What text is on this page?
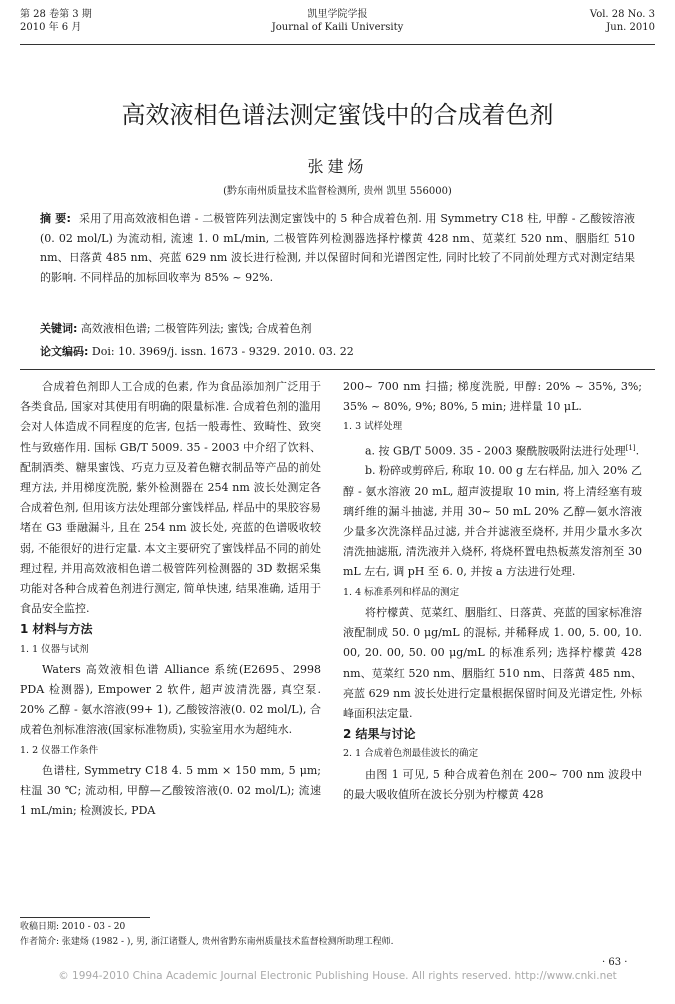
第 28 卷第 3 期
2010 年 6 月
凯里学院学报
Journal of Kaili University
Vol. 28 No. 3
Jun. 2010
高效液相色谱法测定蜜饯中的合成着色剂
张建炀
(黔东南州质量技术监督检测所, 贵州 凯里 556000)
摘 要: 采用了用高效液相色谱 - 二极管阵列法测定蜜饯中的 5 种合成着色剂. 用 Symmetry C18 柱, 甲醇 - 乙酸铵溶液(0. 02 mol/L) 为流动相, 流速 1. 0 mL/min, 二极管阵列检测器选择柠檬黄 428 nm、苋菜红 520 nm、胭脂红 510 nm、日落黄 485 nm、亮蓝 629 nm 波长进行检测, 并以保留时间和光谱图定性, 同时比较了不同前处理方式对测定结果的影响. 不同样品的加标回收率为 85% ~ 92%.
关键词: 高效液相色谱; 二极管阵列法; 蜜饯; 合成着色剂
论文编码: Doi: 10. 3969/j. issn. 1673 - 9329. 2010. 03. 22

合成着色剂即人工合成的色素, 作为食品添加剂广泛用于各类食品, 国家对其使用有明确的限量标准. 合成着色剂的滥用会对人体造成不同程度的危害, 包括一般毒性、致畸性、致突性与致癌作用. 国标 GB/T 5009. 35 - 2003 中介绍了饮料、配制酒类、糖果蜜饯、巧克力豆及着色糖衣制品等产品的前处理方法, 并用梯度洗脱, 紫外检测器在 254 nm 波长处测定各合成着色剂, 但用该方法处理部分蜜饯样品, 样品中的果胶容易堵在 G3 垂融漏斗, 且在 254 nm 波长处, 亮蓝的色谱吸收较弱, 不能很好的进行定量. 本文主要研究了蜜饯样品不同的前处理过程, 并用高效液相色谱二极管阵列检测器的 3D 数据采集功能对各种合成着色剂进行测定, 简单快速, 结果准确, 适用于食品安全监控.

1 材料与方法
1. 1 仪器与试剂

Waters 高效液相色谱 Alliance 系统(E2695、2998 PDA 检测器), Empower 2 软件, 超声波清洗器, 真空泵. 20% 乙醇 - 氨水溶液(99+ 1), 乙酸铵溶液(0. 02 mol/L), 合成着色剂标准溶液(国家标准物质), 实验室用水为超纯水.

1. 2 仪器工作条件

色谱柱, Symmetry C18 4. 5 mm × 150 mm, 5 μm; 柱温 30 ℃; 流动相, 甲醇—乙酸铵溶液(0. 02 mol/L); 流速 1 mL/min; 检测波长, PDA

200~ 700 nm 扫描; 梯度洗脱, 甲醇: 20% ~ 35%, 3%; 35% ~ 80%, 9%; 80%, 5 min; 进样量 10 μL.

1. 3 试样处理

a. 按 GB/T 5009. 35 - 2003 聚酰胺吸附法进行处理[1].

b. 粉碎或剪碎后, 称取 10. 00 g 左右样品, 加入 20% 乙醇 - 氨水溶液 20 mL, 超声波提取 10 min, 将上清经塞有玻璃纤维的漏斗抽滤, 并用 30~ 50 mL 20% 乙醇—氨水溶液少量多次洗涤样品过滤, 并合并滤液至烧杯, 并用少量水多次清洗抽滤瓶, 清洗液并入烧杯, 将烧杯置电热板蒸发溶剂至 30 mL 左右, 调 pH 至 6. 0, 并按 a 方法进行处理.

1. 4 标准系列和样品的测定

将柠檬黄、苋菜红、胭脂红、日落黄、亮蓝的国家标准溶液配制成 50. 0 μg/mL 的混标, 并稀释成 1. 00, 5. 00, 10. 00, 20. 00, 50. 00 μg/mL 的标准系列; 选择柠檬黄 428 nm、苋菜红 520 nm、胭脂红 510 nm、日落黄 485 nm、亮蓝 629 nm 波长处进行定量根据保留时间及光谱定性, 外标峰面积法定量.

2 结果与讨论
2. 1 合成着色剂最佳波长的确定

由图 1 可见, 5 种合成着色剂在 200~ 700 nm 波段中的最大吸收值所在波长分别为柠檬黄 428

收稿日期: 2010 - 03 - 20
作者简介: 张建炀 (1982 - ), 男, 浙江诸暨人, 贵州省黔东南州质量技术监督检测所助理工程师.
· 63 ·
© 1994-2010 China Academic Journal Electronic Publishing House. All rights reserved. http://www.cnki.net
